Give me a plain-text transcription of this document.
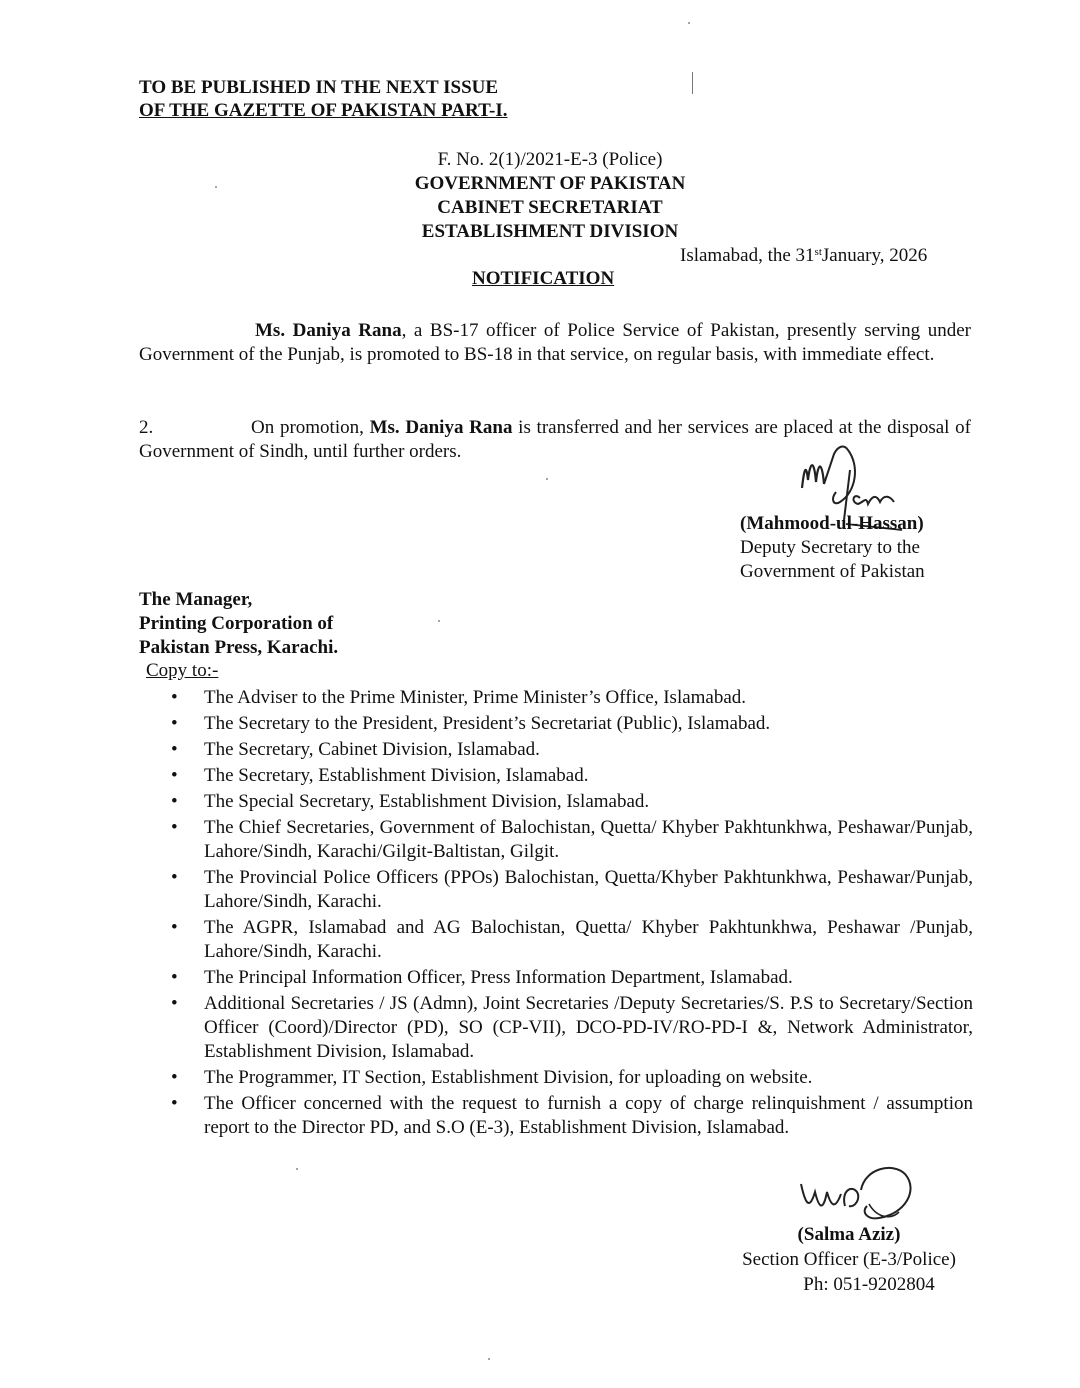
TO BE PUBLISHED IN THE NEXT ISSUE
OF THE GAZETTE OF PAKISTAN PART-I.
F. No. 2(1)/2021-E-3 (Police)
GOVERNMENT OF PAKISTAN
CABINET SECRETARIAT
ESTABLISHMENT DIVISION
Islamabad, the 31stJanuary, 2026
NOTIFICATION
Ms. Daniya Rana, a BS-17 officer of Police Service of Pakistan, presently serving under Government of the Punjab, is promoted to BS-18 in that service, on regular basis, with immediate effect.
2.	On promotion, Ms. Daniya Rana is transferred and her services are placed at the disposal of Government of Sindh, until further orders.
(Mahmood-ul-Hassan)
Deputy Secretary to the
Government of Pakistan
The Manager,
Printing Corporation of
Pakistan Press, Karachi.
Copy to:-
• The Adviser to the Prime Minister, Prime Minister’s Office, Islamabad.
• The Secretary to the President, President’s Secretariat (Public), Islamabad.
• The Secretary, Cabinet Division, Islamabad.
• The Secretary, Establishment Division, Islamabad.
• The Special Secretary, Establishment Division, Islamabad.
• The Chief Secretaries, Government of Balochistan, Quetta/ Khyber Pakhtunkhwa, Peshawar/Punjab, Lahore/Sindh, Karachi/Gilgit-Baltistan, Gilgit.
• The Provincial Police Officers (PPOs) Balochistan, Quetta/Khyber Pakhtunkhwa, Peshawar/Punjab, Lahore/Sindh, Karachi.
• The AGPR, Islamabad and AG Balochistan, Quetta/ Khyber Pakhtunkhwa, Peshawar /Punjab, Lahore/Sindh, Karachi.
• The Principal Information Officer, Press Information Department, Islamabad.
• Additional Secretaries / JS (Admn), Joint Secretaries /Deputy Secretaries/S. P.S to Secretary/Section Officer (Coord)/Director (PD), SO (CP-VII), DCO-PD-IV/RO-PD-I &, Network Administrator, Establishment Division, Islamabad.
• The Programmer, IT Section, Establishment Division, for uploading on website.
• The Officer concerned with the request to furnish a copy of charge relinquishment / assumption report to the Director PD, and S.O (E-3), Establishment Division, Islamabad.
(Salma Aziz)
Section Officer (E-3/Police)
Ph: 051-9202804
